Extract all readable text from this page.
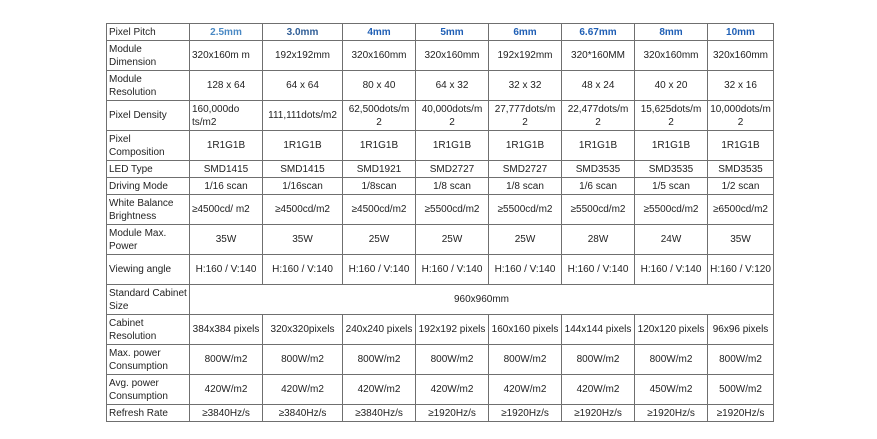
Pixel Pitch	2.5mm	3.0mm	4mm	5mm	6mm	6.67mm	8mm	10mm
Module Dimension	320x160m m	192x192mm	320x160mm	320x160mm	192x192mm	320*160MM	320x160mm	320x160mm
Module Resolution	128 x 64	64 x 64	80 x 40	64 x 32	32 x 32	48 x 24	40 x 20	32 x 16
Pixel Density	160,000do ts/m2	111,111dots/m2	62,500dots/m 2	40,000dots/m 2	27,777dots/m 2	22,477dots/m 2	15,625dots/m 2	10,000dots/m 2
Pixel Composition	1R1G1B	1R1G1B	1R1G1B	1R1G1B	1R1G1B	1R1G1B	1R1G1B	1R1G1B
LED Type	SMD1415	SMD1415	SMD1921	SMD2727	SMD2727	SMD3535	SMD3535	SMD3535
Driving Mode	1/16 scan	1/16scan	1/8scan	1/8 scan	1/8 scan	1/6 scan	1/5 scan	1/2 scan
White Balance Brightness	≥4500cd/ m2	≥4500cd/m2	≥4500cd/m2	≥5500cd/m2	≥5500cd/m2	≥5500cd/m2	≥5500cd/m2	≥6500cd/m2
Module Max. Power	35W	35W	25W	25W	25W	28W	24W	35W
Viewing angle	H:160 / V:140	H:160 / V:140	H:160 / V:140	H:160 / V:140	H:160 / V:140	H:160 / V:140	H:160 / V:140	H:160 / V:120
Standard Cabinet Size	960x960mm							
Cabinet Resolution	384x384 pixels	320x320pixels	240x240 pixels	192x192 pixels	160x160 pixels	144x144 pixels	120x120 pixels	96x96 pixels
Max. power Consumption	800W/m2	800W/m2	800W/m2	800W/m2	800W/m2	800W/m2	800W/m2	800W/m2
Avg. power Consumption	420W/m2	420W/m2	420W/m2	420W/m2	420W/m2	420W/m2	450W/m2	500W/m2
Refresh Rate	≥3840Hz/s	≥3840Hz/s	≥3840Hz/s	≥1920Hz/s	≥1920Hz/s	≥1920Hz/s	≥1920Hz/s	≥1920Hz/s
